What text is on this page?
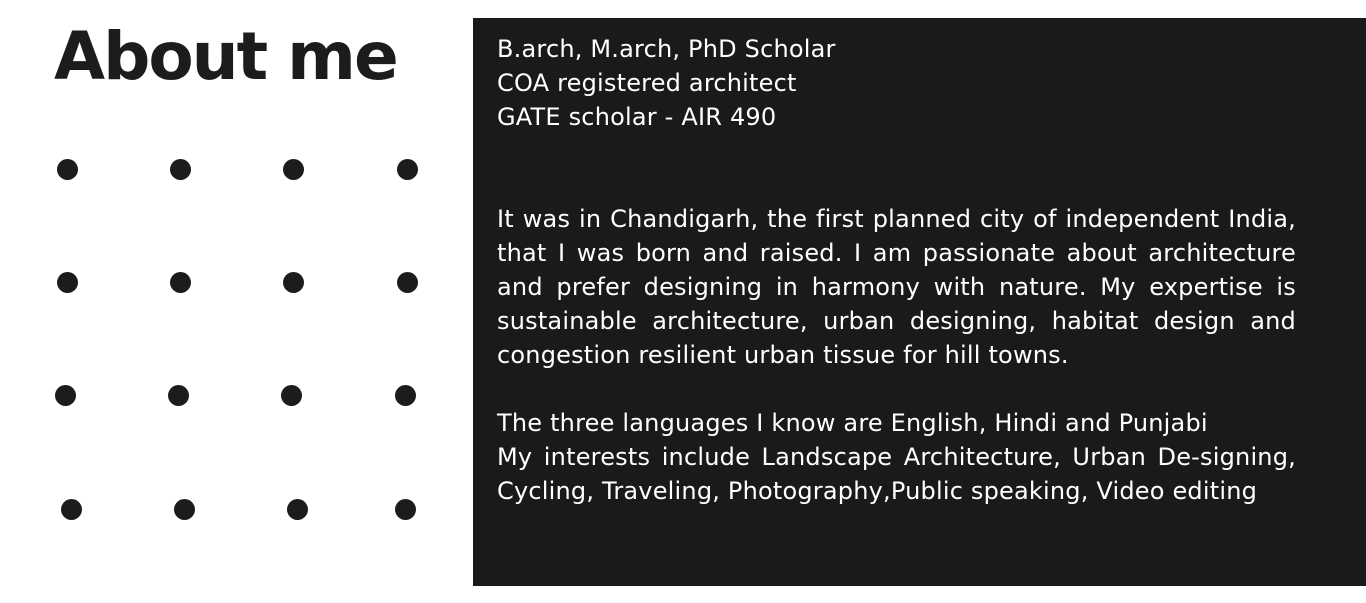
About me	B.arch, M.arch, PhD Scholar

COA registered architect

GATE scholar - AIR 490

It was in Chandigarh, the first planned city of independent India, that I was born and raised. I am passionate about architecture and prefer designing in harmony with nature. My expertise is sustainable architecture, urban designing, habitat design and congestion resilient urban tissue for hill towns.

The three languages I know are English, Hindi and Punjabi

My interests include Landscape Architecture, Urban De-signing, Cycling, Traveling, Photography,Public speaking, Video editing
